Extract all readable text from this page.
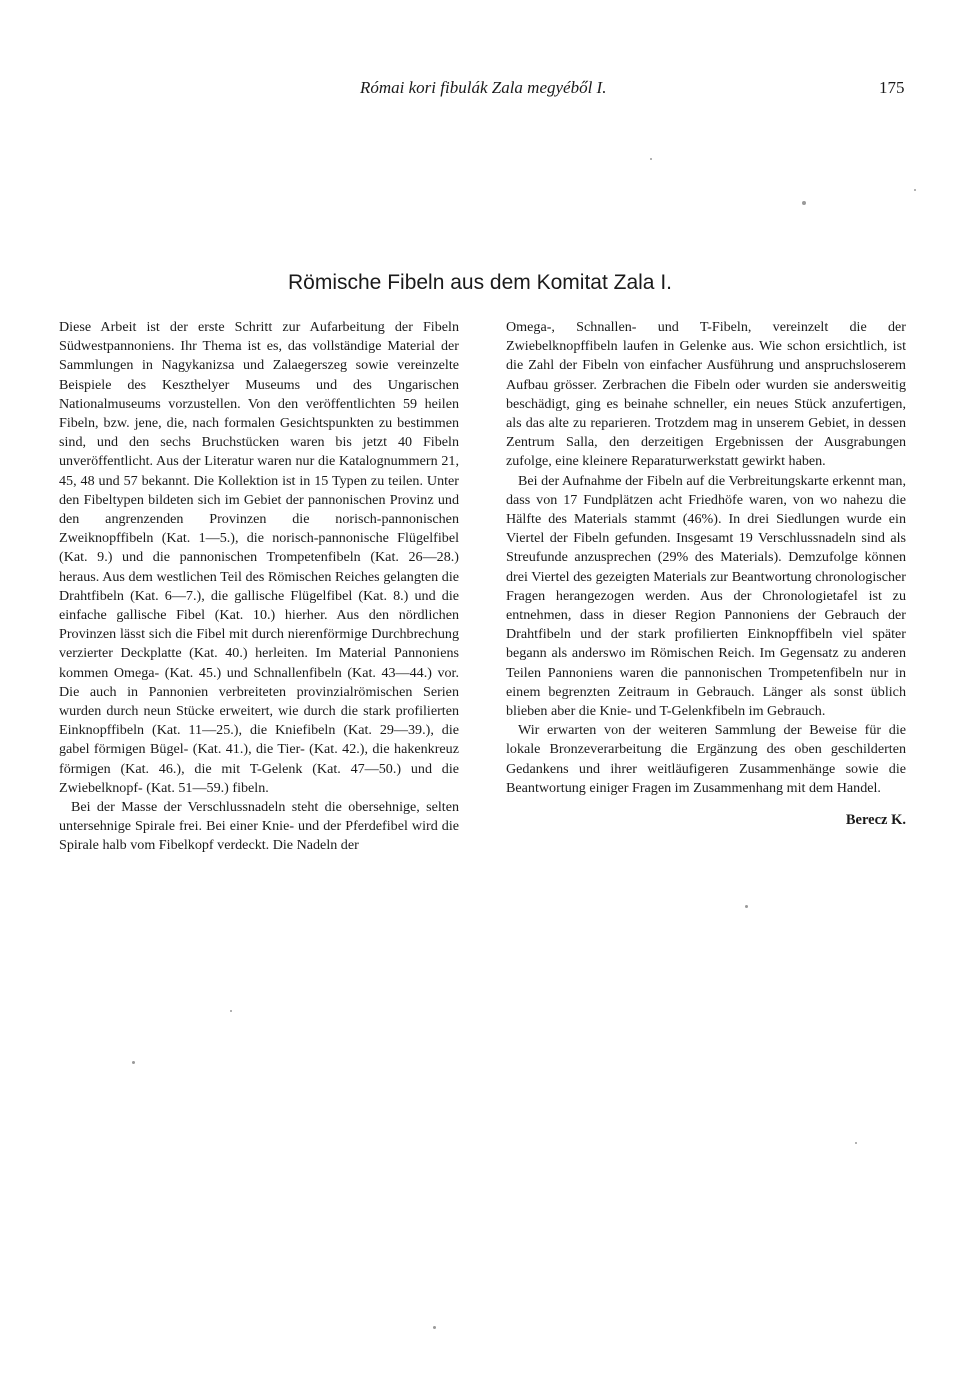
Római kori fibulák Zala megyéből I.	175
Römische Fibeln aus dem Komitat Zala I.

Diese Arbeit ist der erste Schritt zur Aufarbeitung der Fibeln Südwestpannoniens. Ihr Thema ist es, das vollständige Material der Sammlungen in Nagykanizsa und Zalaegerszeg sowie vereinzelte Beispiele des Keszthelyer Museums und des Ungarischen Nationalmuseums vorzustellen. Von den veröffentlichten 59 heilen Fibeln, bzw. jene, die, nach formalen Gesichtspunkten zu bestimmen sind, und den sechs Bruchstücken waren bis jetzt 40 Fibeln unveröffentlicht. Aus der Literatur waren nur die Katalognummern 21, 45, 48 und 57 bekannt. Die Kollektion ist in 15 Typen zu teilen. Unter den Fibeltypen bildeten sich im Gebiet der pannonischen Provinz und den angrenzenden Provinzen die norisch-pannonischen Zweiknopffibeln (Kat. 1—5.), die norisch-pannonische Flügelfibel (Kat. 9.) und die pannonischen Trompetenfibeln (Kat. 26—28.) heraus. Aus dem westlichen Teil des Römischen Reiches gelangten die Drahtfibeln (Kat. 6—7.), die gallische Flügelfibel (Kat. 8.) und die einfache gallische Fibel (Kat. 10.) hierher. Aus den nördlichen Provinzen lässt sich die Fibel mit durch nierenförmige Durchbrechung verzierter Deckplatte (Kat. 40.) herleiten. Im Material Pannoniens kommen Omega- (Kat. 45.) und Schnallenfibeln (Kat. 43—44.) vor. Die auch in Pannonien verbreiteten provinzialrömischen Serien wurden durch neun Stücke erweitert, wie durch die stark profilierten Einknopffibeln (Kat. 11—25.), die Kniefibeln (Kat. 29—39.), die gabel förmigen Bügel- (Kat. 41.), die Tier- (Kat. 42.), die hakenkreuz förmigen (Kat. 46.), die mit T-Gelenk (Kat. 47—50.) und die Zwiebelknopf- (Kat. 51—59.) fibeln.

Bei der Masse der Verschlussnadeln steht die obersehnige, selten untersehnige Spirale frei. Bei einer Knie- und der Pferdefibel wird die Spirale halb vom Fibelkopf verdeckt. Die Nadeln der

Omega-, Schnallen- und T-Fibeln, vereinzelt die der Zwiebelknopffibeln laufen in Gelenke aus. Wie schon ersichtlich, ist die Zahl der Fibeln von einfacher Ausführung und anspruchsloserem Aufbau grösser. Zerbrachen die Fibeln oder wurden sie andersweitig beschädigt, ging es beinahe schneller, ein neues Stück anzufertigen, als das alte zu reparieren. Trotzdem mag in unserem Gebiet, in dessen Zentrum Salla, den derzeitigen Ergebnissen der Ausgrabungen zufolge, eine kleinere Reparaturwerkstatt gewirkt haben.

Bei der Aufnahme der Fibeln auf die Verbreitungskarte erkennt man, dass von 17 Fundplätzen acht Friedhöfe waren, von wo nahezu die Hälfte des Materials stammt (46%). In drei Siedlungen wurde ein Viertel der Fibeln gefunden. Insgesamt 19 Verschlussnadeln sind als Streufunde anzusprechen (29% des Materials). Demzufolge können drei Viertel des gezeigten Materials zur Beantwortung chronologischer Fragen herangezogen werden. Aus der Chronologietafel ist zu entnehmen, dass in dieser Region Pannoniens der Gebrauch der Drahtfibeln und der stark profilierten Einknopffibeln viel später begann als anderswo im Römischen Reich. Im Gegensatz zu anderen Teilen Pannoniens waren die pannonischen Trompetenfibeln nur in einem begrenzten Zeitraum in Gebrauch. Länger als sonst üblich blieben aber die Knie- und T-Gelenkfibeln im Gebrauch.

Wir erwarten von der weiteren Sammlung der Beweise für die lokale Bronzeverarbeitung die Ergänzung des oben geschilderten Gedankens und ihrer weitläufigeren Zusammenhänge sowie die Beantwortung einiger Fragen im Zusammenhang mit dem Handel.

Berecz K.
